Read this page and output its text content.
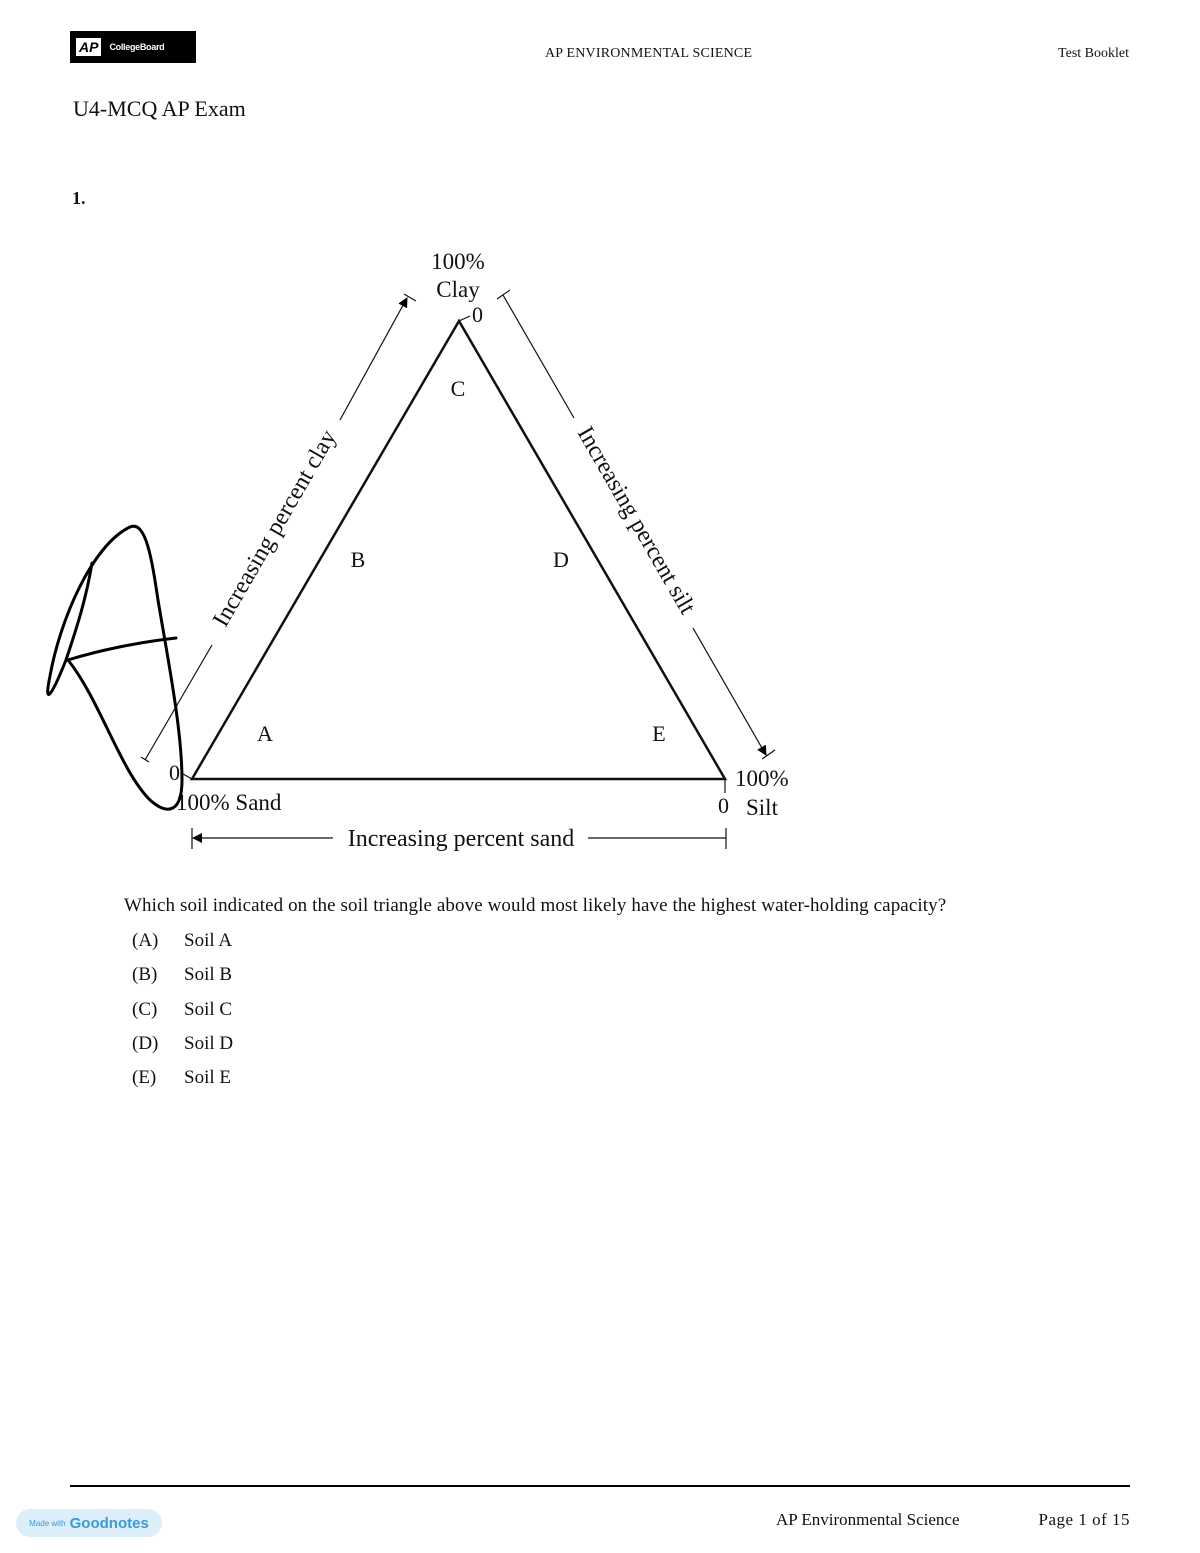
AP	CollegeBoard	AP ENVIRONMENTAL SCIENCE	Test Booklet
U4-MCQ AP Exam
1.
100%
Clay
0
0
100% Sand
100%
0 Silt
A
B
C
D
E
Increasing percent clay	Increasing percent silt
Increasing percent sand
Which soil indicated on the soil triangle above would most likely have the highest water-holding capacity?
(A)	Soil A
(B)	Soil B
(C)	Soil C
(D)	Soil D
(E)	Soil E
Made with Goodnotes	AP Environmental Science	Page 1 of 15
